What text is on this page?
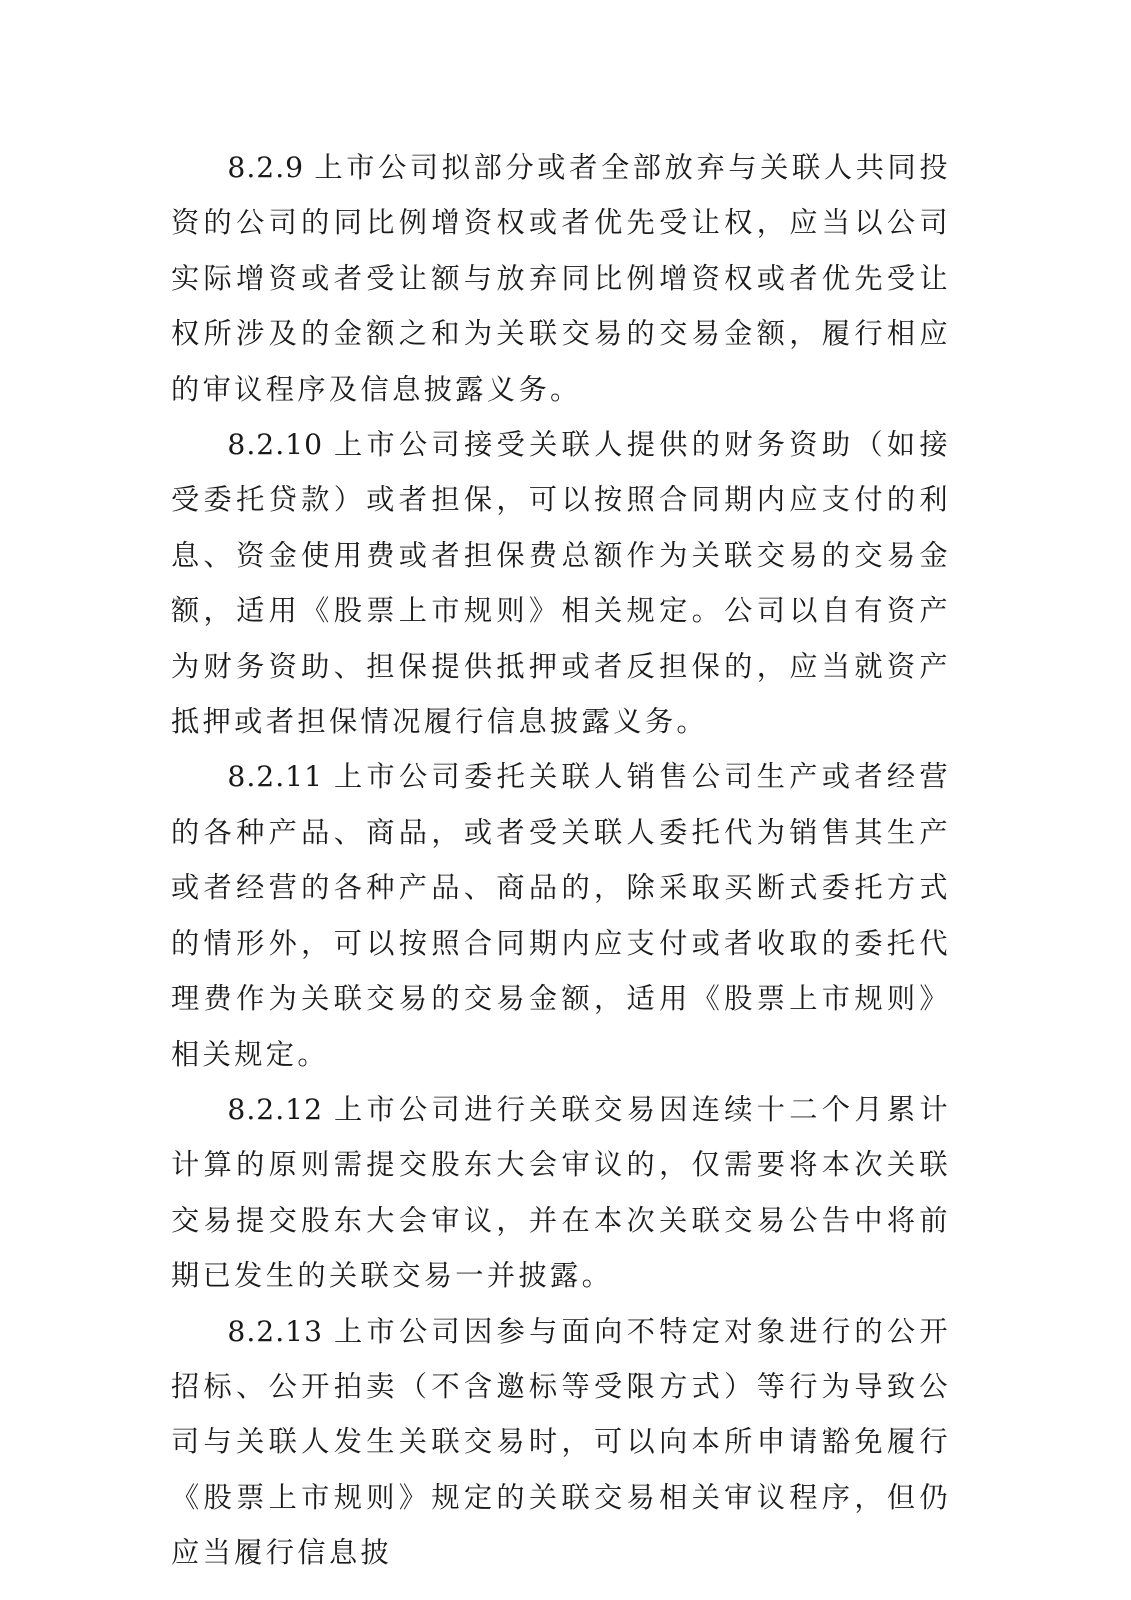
8.2.9 上市公司拟部分或者全部放弃与关联人共同投资的公司的同比例增资权或者优先受让权，应当以公司实际增资或者受让额与放弃同比例增资权或者优先受让权所涉及的金额之和为关联交易的交易金额，履行相应的审议程序及信息披露义务。

8.2.10 上市公司接受关联人提供的财务资助（如接受委托贷款）或者担保，可以按照合同期内应支付的利息、资金使用费或者担保费总额作为关联交易的交易金额，适用《股票上市规则》相关规定。公司以自有资产为财务资助、担保提供抵押或者反担保的，应当就资产抵押或者担保情况履行信息披露义务。

8.2.11 上市公司委托关联人销售公司生产或者经营的各种产品、商品，或者受关联人委托代为销售其生产或者经营的各种产品、商品的，除采取买断式委托方式的情形外，可以按照合同期内应支付或者收取的委托代理费作为关联交易的交易金额，适用《股票上市规则》相关规定。

8.2.12 上市公司进行关联交易因连续十二个月累计计算的原则需提交股东大会审议的，仅需要将本次关联交易提交股东大会审议，并在本次关联交易公告中将前期已发生的关联交易一并披露。

8.2.13 上市公司因参与面向不特定对象进行的公开招标、公开拍卖（不含邀标等受限方式）等行为导致公司与关联人发生关联交易时，可以向本所申请豁免履行《股票上市规则》规定的关联交易相关审议程序，但仍应当履行信息披
